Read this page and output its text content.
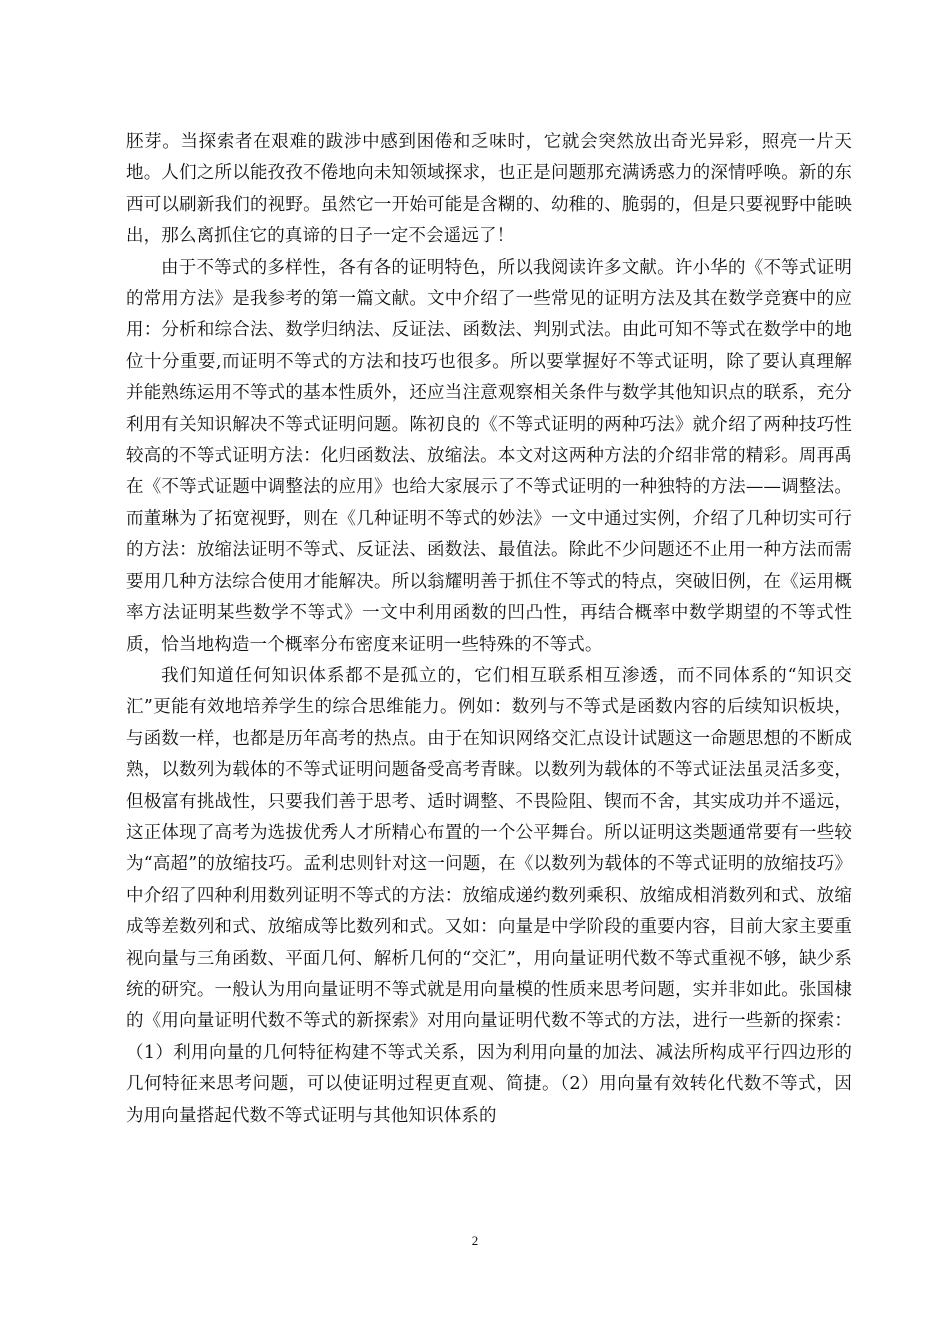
胚芽。当探索者在艰难的跋涉中感到困倦和乏味时，它就会突然放出奇光异彩，照亮一片天地。人们之所以能孜孜不倦地向未知领域探求，也正是问题那充满诱惑力的深情呼唤。新的东西可以刷新我们的视野。虽然它一开始可能是含糊的、幼稚的、脆弱的，但是只要视野中能映出，那么离抓住它的真谛的日子一定不会遥远了！

由于不等式的多样性，各有各的证明特色，所以我阅读许多文献。许小华的《不等式证明的常用方法》是我参考的第一篇文献。文中介绍了一些常见的证明方法及其在数学竞赛中的应用：分析和综合法、数学归纳法、反证法、函数法、判别式法。由此可知不等式在数学中的地位十分重要,而证明不等式的方法和技巧也很多。所以要掌握好不等式证明，除了要认真理解并能熟练运用不等式的基本性质外，还应当注意观察相关条件与数学其他知识点的联系，充分利用有关知识解决不等式证明问题。陈初良的《不等式证明的两种巧法》就介绍了两种技巧性较高的不等式证明方法：化归函数法、放缩法。本文对这两种方法的介绍非常的精彩。周再禹在《不等式证题中调整法的应用》也给大家展示了不等式证明的一种独特的方法——调整法。而董琳为了拓宽视野，则在《几种证明不等式的妙法》一文中通过实例，介绍了几种切实可行的方法：放缩法证明不等式、反证法、函数法、最值法。除此不少问题还不止用一种方法而需要用几种方法综合使用才能解决。所以翁耀明善于抓住不等式的特点，突破旧例，在《运用概率方法证明某些数学不等式》一文中利用函数的凹凸性，再结合概率中数学期望的不等式性质，恰当地构造一个概率分布密度来证明一些特殊的不等式。

我们知道任何知识体系都不是孤立的，它们相互联系相互渗透，而不同体系的“知识交汇”更能有效地培养学生的综合思维能力。例如：数列与不等式是函数内容的后续知识板块，与函数一样，也都是历年高考的热点。由于在知识网络交汇点设计试题这一命题思想的不断成熟，以数列为载体的不等式证明问题备受高考青睐。以数列为载体的不等式证法虽灵活多变，但极富有挑战性，只要我们善于思考、适时调整、不畏险阻、锲而不舍，其实成功并不遥远，这正体现了高考为选拔优秀人才所精心布置的一个公平舞台。所以证明这类题通常要有一些较为“高超”的放缩技巧。孟利忠则针对这一问题，在《以数列为载体的不等式证明的放缩技巧》中介绍了四种利用数列证明不等式的方法：放缩成递约数列乘积、放缩成相消数列和式、放缩成等差数列和式、放缩成等比数列和式。又如：向量是中学阶段的重要内容，目前大家主要重视向量与三角函数、平面几何、解析几何的“交汇”，用向量证明代数不等式重视不够，缺少系统的研究。一般认为用向量证明不等式就是用向量模的性质来思考问题，实并非如此。张国棣的《用向量证明代数不等式的新探索》对用向量证明代数不等式的方法，进行一些新的探索：（1）利用向量的几何特征构建不等式关系，因为利用向量的加法、减法所构成平行四边形的几何特征来思考问题，可以使证明过程更直观、简捷。（2）用向量有效转化代数不等式，因为用向量搭起代数不等式证明与其他知识体系的

2
